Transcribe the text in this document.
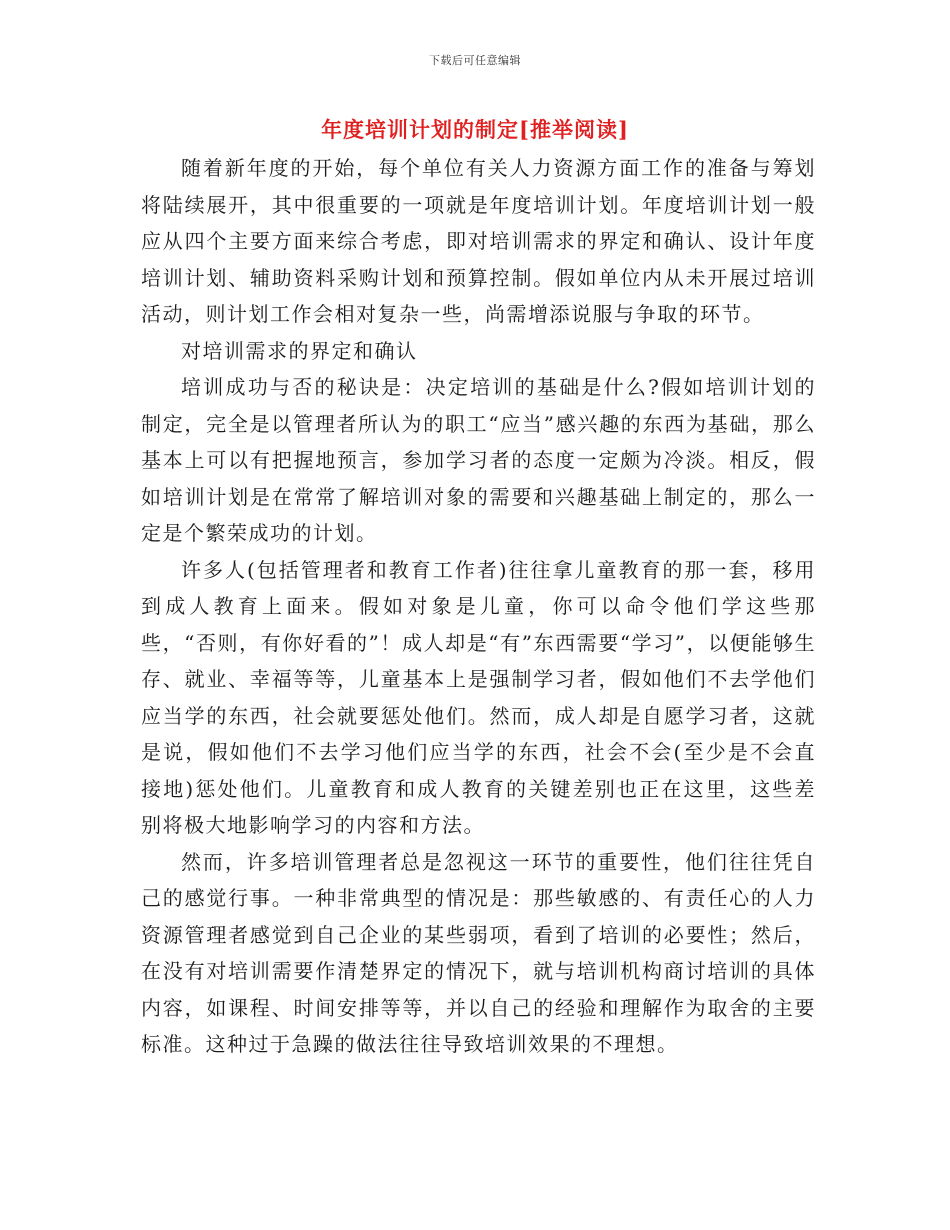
下载后可任意编辑
年度培训计划的制定[推举阅读]

随着新年度的开始，每个单位有关人力资源方面工作的准备与筹划将陆续展开，其中很重要的一项就是年度培训计划。年度培训计划一般应从四个主要方面来综合考虑，即对培训需求的界定和确认、设计年度培训计划、辅助资料采购计划和预算控制。假如单位内从未开展过培训活动，则计划工作会相对复杂一些，尚需增添说服与争取的环节。

对培训需求的界定和确认

培训成功与否的秘诀是：决定培训的基础是什么?假如培训计划的制定，完全是以管理者所认为的职工“应当”感兴趣的东西为基础，那么基本上可以有把握地预言，参加学习者的态度一定颇为冷淡。相反，假如培训计划是在常常了解培训对象的需要和兴趣基础上制定的，那么一定是个繁荣成功的计划。

许多人(包括管理者和教育工作者)往往拿儿童教育的那一套，移用到成人教育上面来。假如对象是儿童，你可以命令他们学这些那些，“否则，有你好看的”！成人却是“有”东西需要“学习”，以便能够生存、就业、幸福等等，儿童基本上是强制学习者，假如他们不去学他们应当学的东西，社会就要惩处他们。然而，成人却是自愿学习者，这就是说，假如他们不去学习他们应当学的东西，社会不会(至少是不会直接地)惩处他们。儿童教育和成人教育的关键差别也正在这里，这些差别将极大地影响学习的内容和方法。

然而，许多培训管理者总是忽视这一环节的重要性，他们往往凭自己的感觉行事。一种非常典型的情况是：那些敏感的、有责任心的人力资源管理者感觉到自己企业的某些弱项，看到了培训的必要性；然后，在没有对培训需要作清楚界定的情况下，就与培训机构商讨培训的具体内容，如课程、时间安排等等，并以自己的经验和理解作为取舍的主要标准。这种过于急躁的做法往往导致培训效果的不理想。
